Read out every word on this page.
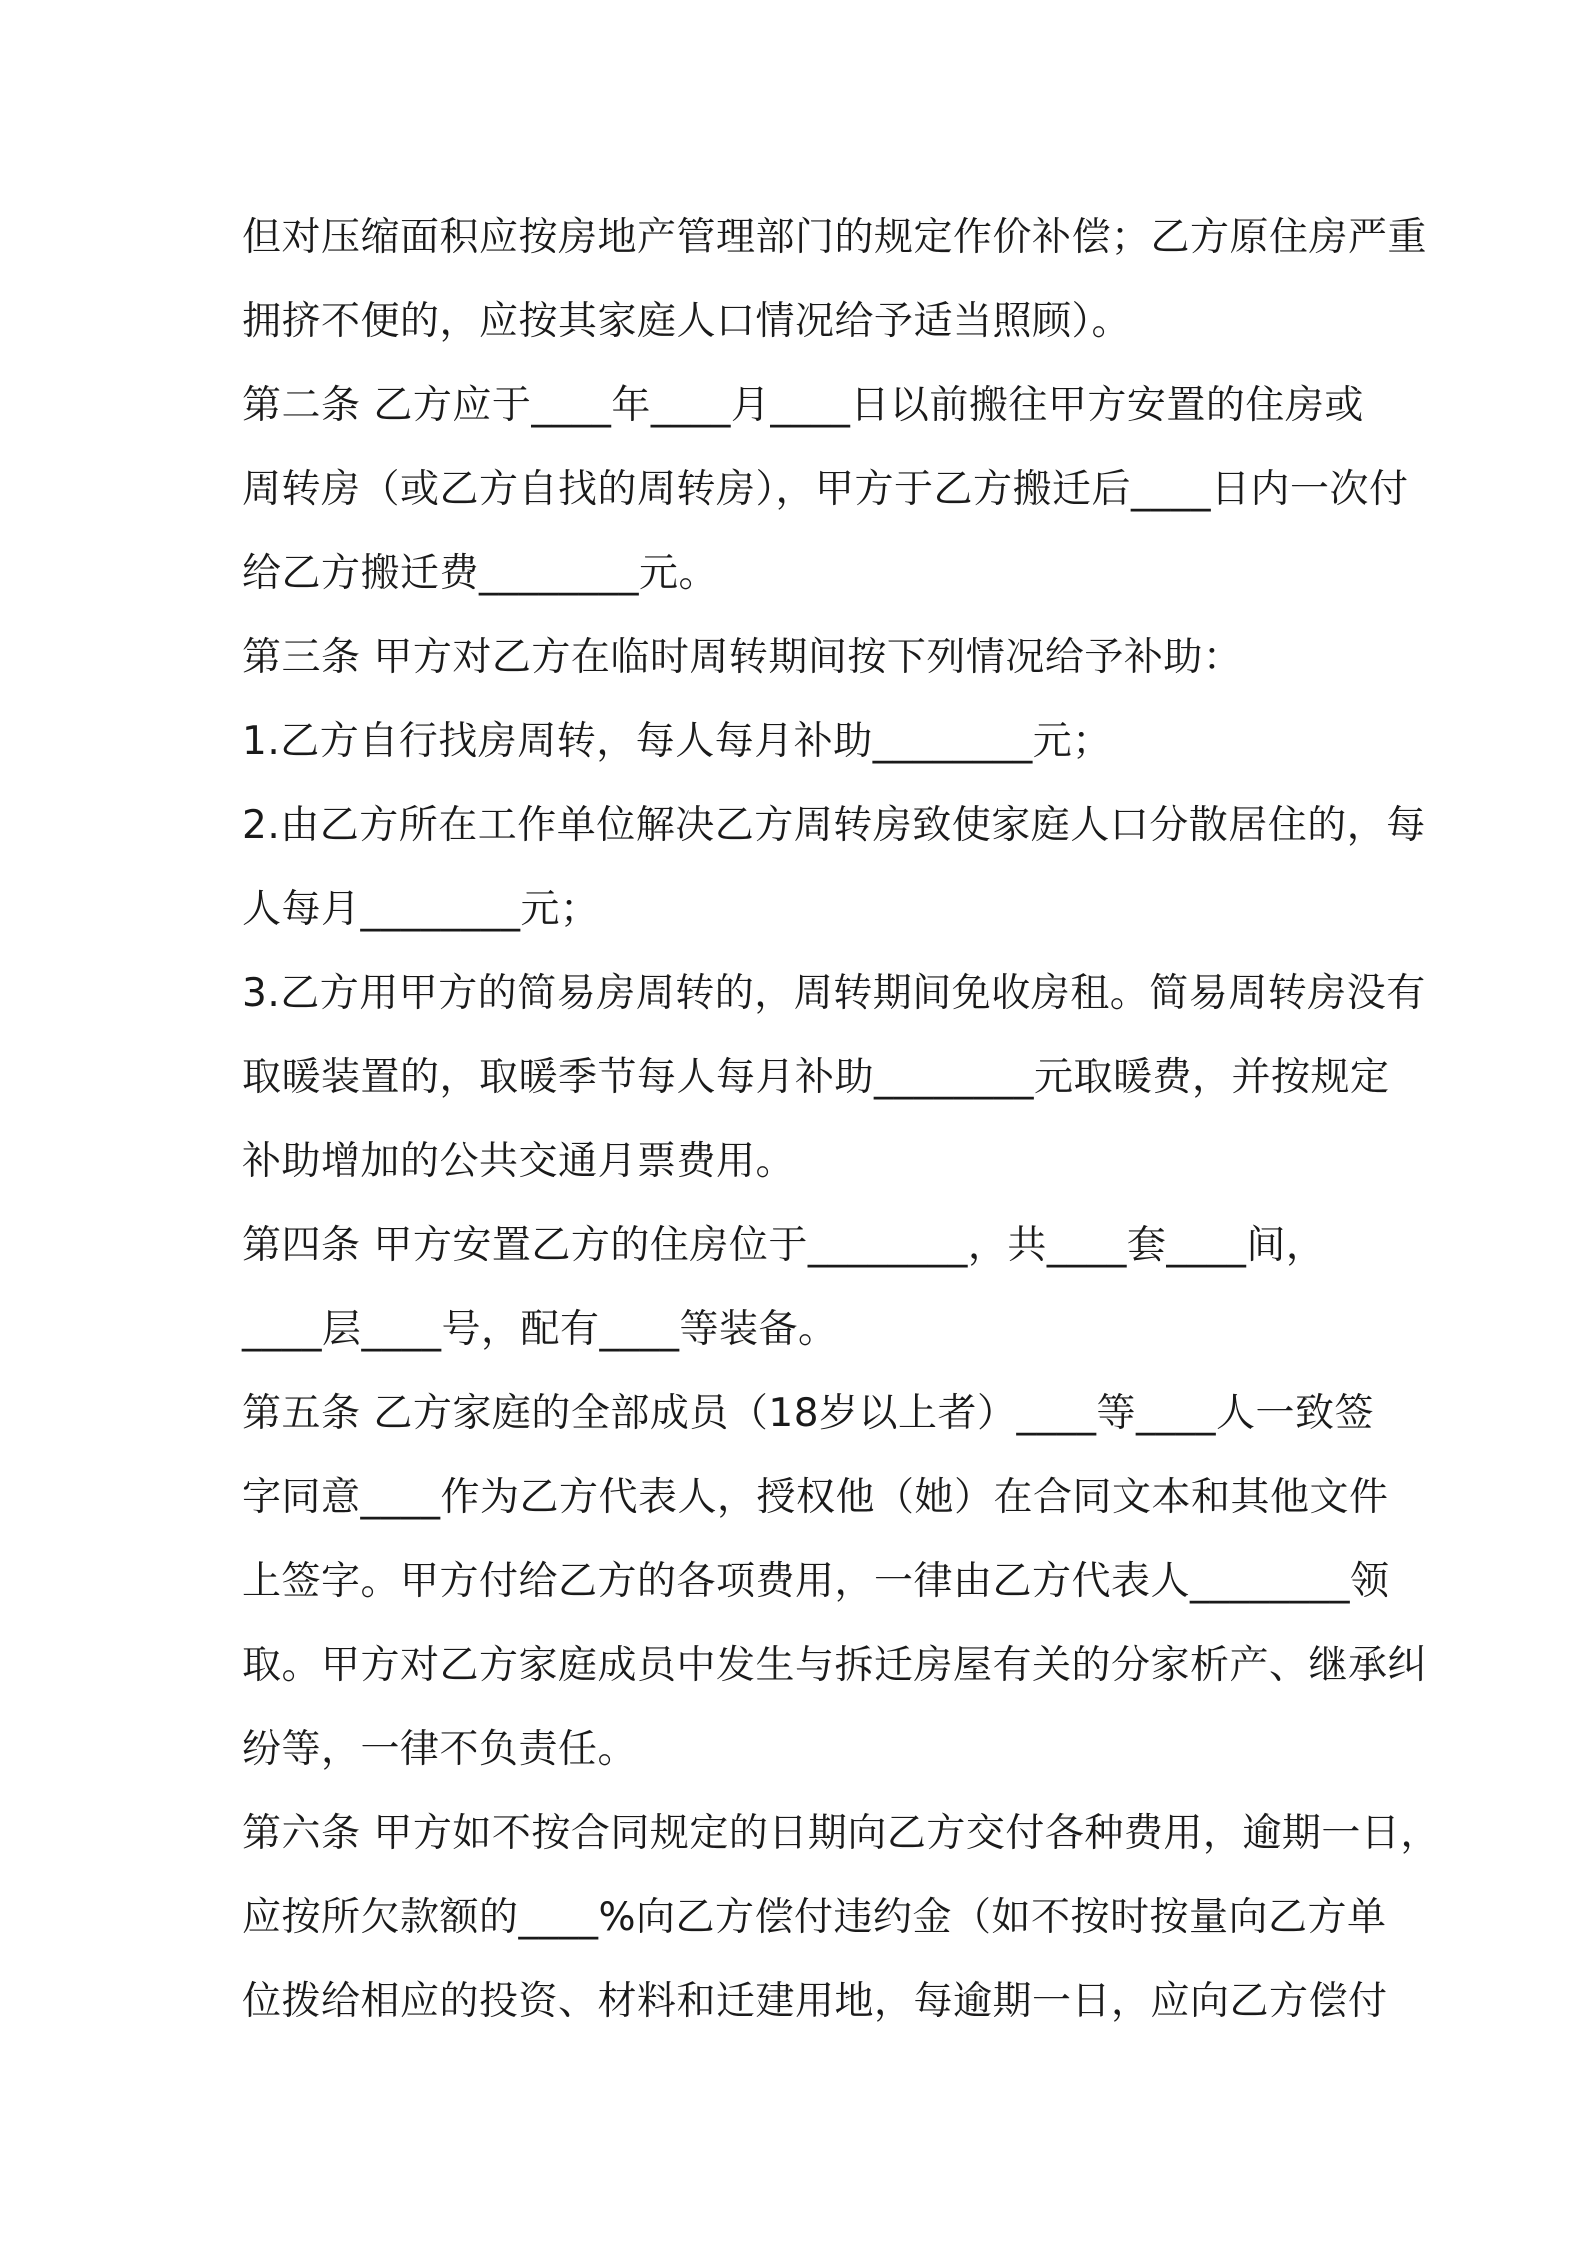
但对压缩面积应按房地产管理部门的规定作价补偿；乙方原住房严重
拥挤不便的，应按其家庭人口情况给予适当照顾）。
第二条 乙方应于____年____月____日以前搬往甲方安置的住房或
周转房（或乙方自找的周转房），甲方于乙方搬迁后____日内一次付
给乙方搬迁费________元。
第三条 甲方对乙方在临时周转期间按下列情况给予补助：
1.乙方自行找房周转，每人每月补助________元；
2.由乙方所在工作单位解决乙方周转房致使家庭人口分散居住的，每
人每月________元；
3.乙方用甲方的简易房周转的，周转期间免收房租。简易周转房没有
取暖装置的，取暖季节每人每月补助________元取暖费，并按规定
补助增加的公共交通月票费用。
第四条 甲方安置乙方的住房位于________，共____套____间，
____层____号，配有____等装备。
第五条 乙方家庭的全部成员（18岁以上者）____等____人一致签
字同意____作为乙方代表人，授权他（她）在合同文本和其他文件
上签字。甲方付给乙方的各项费用，一律由乙方代表人________领
取。甲方对乙方家庭成员中发生与拆迁房屋有关的分家析产、继承纠
纷等，一律不负责任。
第六条 甲方如不按合同规定的日期向乙方交付各种费用，逾期一日，
应按所欠款额的____%向乙方偿付违约金（如不按时按量向乙方单
位拨给相应的投资、材料和迁建用地，每逾期一日，应向乙方偿付
